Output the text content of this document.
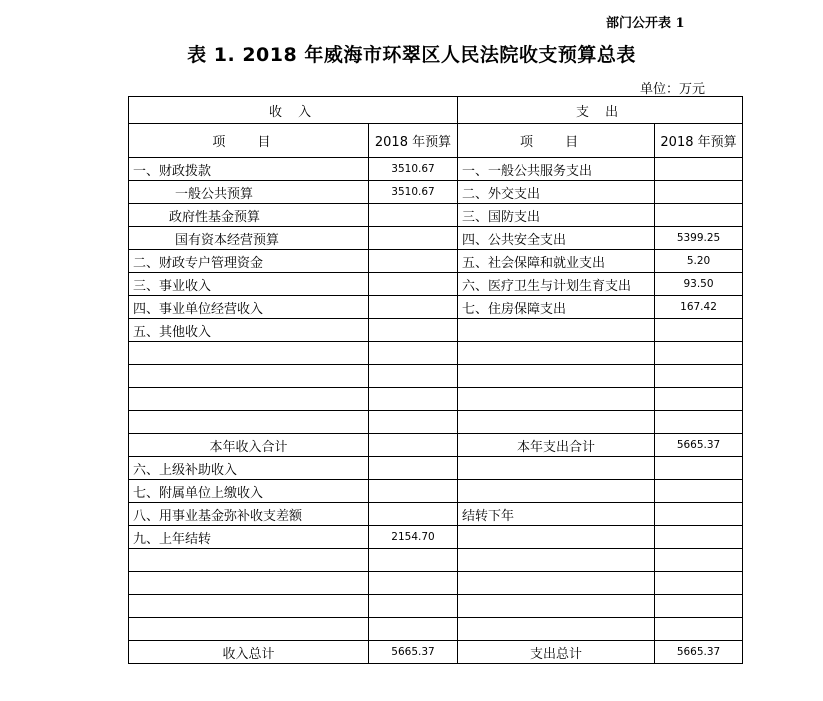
部门公开表 1
表 1. 2018 年威海市环翠区人民法院收支预算总表
单位：万元
收 入		支 出	
项 目	2018 年预算	项 目	2018 年预算
一、财政拨款	3510.67	一、一般公共服务支出	
一般公共预算	3510.67	二、外交支出	
政府性基金预算		三、国防支出	
国有资本经营预算		四、公共安全支出	5399.25
二、财政专户管理资金		五、社会保障和就业支出	5.20
三、事业收入		六、医疗卫生与计划生育支出	93.50
四、事业单位经营收入		七、住房保障支出	167.42
五、其他收入			

本年收入合计		本年支出合计	5665.37
六、上级补助收入			
七、附属单位上缴收入			
八、用事业基金弥补收支差额		结转下年	
九、上年结转	2154.70		

收入总计	5665.37	支出总计	5665.37
